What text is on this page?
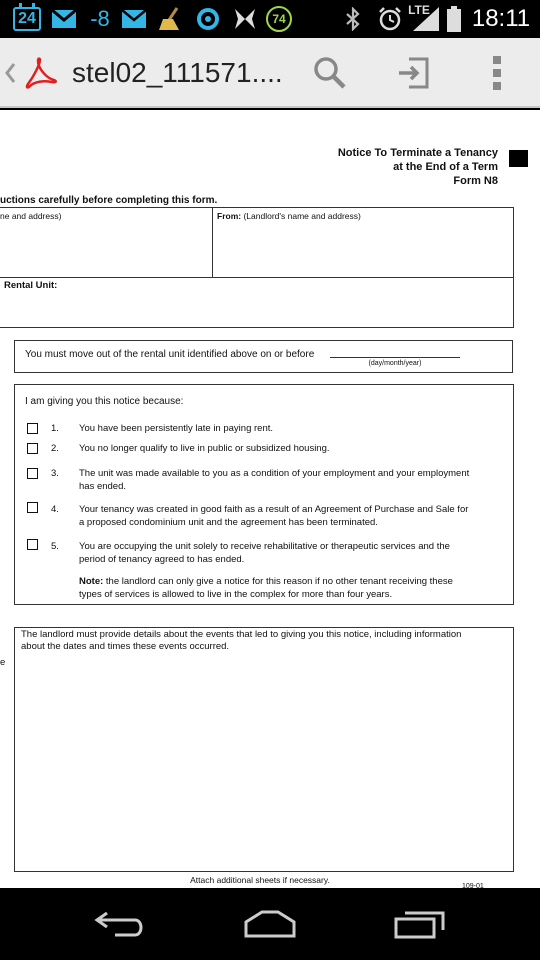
24 -8	74
LTE 18:11
stel02_111571....
Notice To Terminate a Tenancy
at the End of a Term
Form N8
uctions carefully before completing this form.
ne and address)	From: (Landlord's name and address)
Rental Unit:
You must move out of the rental unit identified above on or before
(day/month/year)
I am giving you this notice because:
1. You have been persistently late in paying rent.
2. You no longer qualify to live in public or subsidized housing.
3. The unit was made available to you as a condition of your employment and your employment
has ended.
4. Your tenancy was created in good faith as a result of an Agreement of Purchase and Sale for
a proposed condominium unit and the agreement has been terminated.
5. You are occupying the unit solely to receive rehabilitative or therapeutic services and the
period of tenancy agreed to has ended.
Note: the landlord can only give a notice for this reason if no other tenant receiving these
types of services is allowed to live in the complex for more than four years.
The landlord must provide details about the events that led to giving you this notice, including information
about the dates and times these events occurred.
e
Attach additional sheets if necessary.
109-01
